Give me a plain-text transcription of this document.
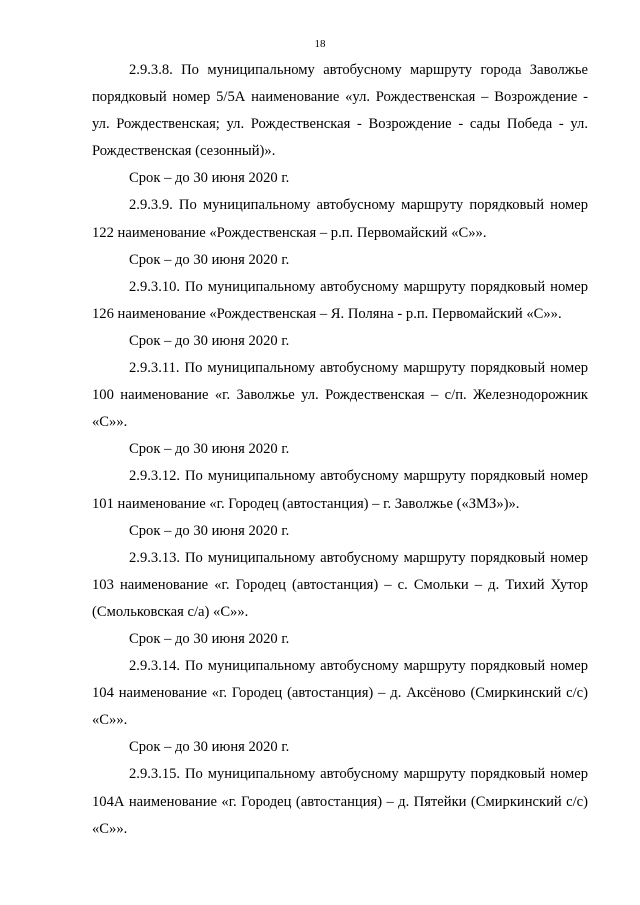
18

2.9.3.8. По муниципальному автобусному маршруту города Заволжье порядковый номер 5/5А наименование «ул. Рождественская – Возрождение - ул. Рождественская; ул. Рождественская - Возрождение - сады Победа - ул. Рождественская (сезонный)».

Срок – до 30 июня 2020 г.

2.9.3.9. По муниципальному автобусному маршруту порядковый номер 122 наименование «Рождественская – р.п. Первомайский «С»».

Срок – до 30 июня 2020 г.

2.9.3.10. По муниципальному автобусному маршруту порядковый номер 126 наименование «Рождественская – Я. Поляна - р.п. Первомайский «С»».

Срок – до 30 июня 2020 г.

2.9.3.11. По муниципальному автобусному маршруту порядковый номер 100 наименование «г. Заволжье ул. Рождественская – с/п. Железнодорожник «С»».

Срок – до 30 июня 2020 г.

2.9.3.12. По муниципальному автобусному маршруту порядковый номер 101 наименование «г. Городец (автостанция) – г. Заволжье («ЗМЗ»)».

Срок – до 30 июня 2020 г.

2.9.3.13. По муниципальному автобусному маршруту порядковый номер 103 наименование «г. Городец (автостанция) – с. Смольки – д. Тихий Хутор (Смольковская с/а) «С»».

Срок – до 30 июня 2020 г.

2.9.3.14. По муниципальному автобусному маршруту порядковый номер 104 наименование «г. Городец (автостанция) – д. Аксёново (Смиркинский с/с) «С»».

Срок – до 30 июня 2020 г.

2.9.3.15. По муниципальному автобусному маршруту порядковый номер 104А наименование «г. Городец (автостанция) – д. Пятейки (Смиркинский с/с) «С»».
